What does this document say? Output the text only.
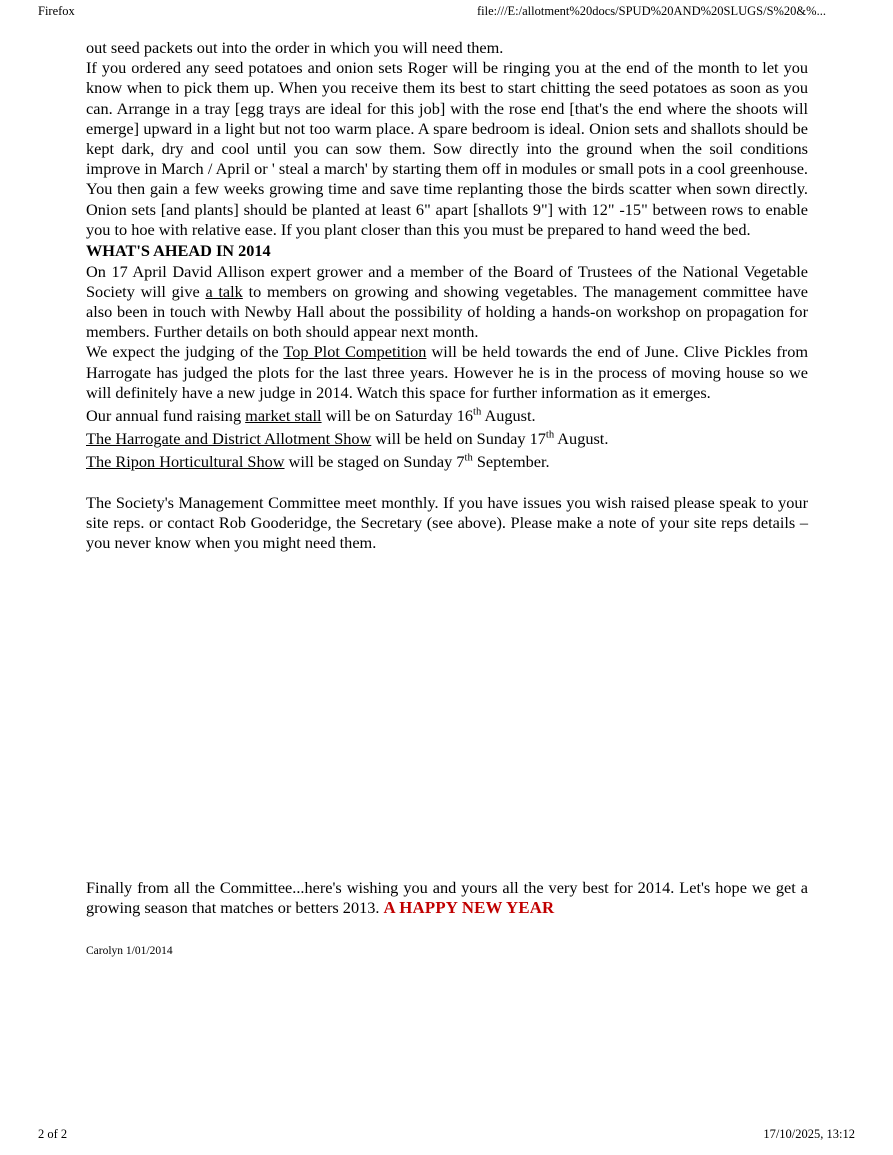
Firefox	file:///E:/allotment%20docs/SPUD%20AND%20SLUGS/S%20&%...

out seed packets out into the order in which you will need them.

If you ordered any seed potatoes and onion sets Roger will be ringing you at the end of the month to let you know when to pick them up. When you receive them its best to start chitting the seed potatoes as soon as you can. Arrange in a tray [egg trays are ideal for this job] with the rose end [that's the end where the shoots will emerge] upward in a light but not too warm place. A spare bedroom is ideal. Onion sets and shallots should be kept dark, dry and cool until you can sow them. Sow directly into the ground when the soil conditions improve in March / April or ' steal a march' by starting them off in modules or small pots in a cool greenhouse. You then gain a few weeks growing time and save time replanting those the birds scatter when sown directly. Onion sets [and plants] should be planted at least 6" apart [shallots 9"] with 12" -15" between rows to enable you to hoe with relative ease. If you plant closer than this you must be prepared to hand weed the bed.

WHAT'S AHEAD IN 2014

On 17 April David Allison expert grower and a member of the Board of Trustees of the National Vegetable Society will give a talk to members on growing and showing vegetables. The management committee have also been in touch with Newby Hall about the possibility of holding a hands-on workshop on propagation for members. Further details on both should appear next month.

We expect the judging of the Top Plot Competition will be held towards the end of June. Clive Pickles from Harrogate has judged the plots for the last three years. However he is in the process of moving house so we will definitely have a new judge in 2014. Watch this space for further information as it emerges.

Our annual fund raising market stall will be on Saturday 16th August.

The Harrogate and District Allotment Show will be held on Sunday 17th August.

The Ripon Horticultural Show will be staged on Sunday 7th September.

The Society's Management Committee meet monthly. If you have issues you wish raised please speak to your site reps. or contact Rob Gooderidge, the Secretary (see above). Please make a note of your site reps details – you never know when you might need them.

Finally from all the Committee...here's wishing you and yours all the very best for 2014. Let's hope we get a growing season that matches or betters 2013. A HAPPY NEW YEAR

Carolyn 1/01/2014
2 of 2	17/10/2025, 13:12
